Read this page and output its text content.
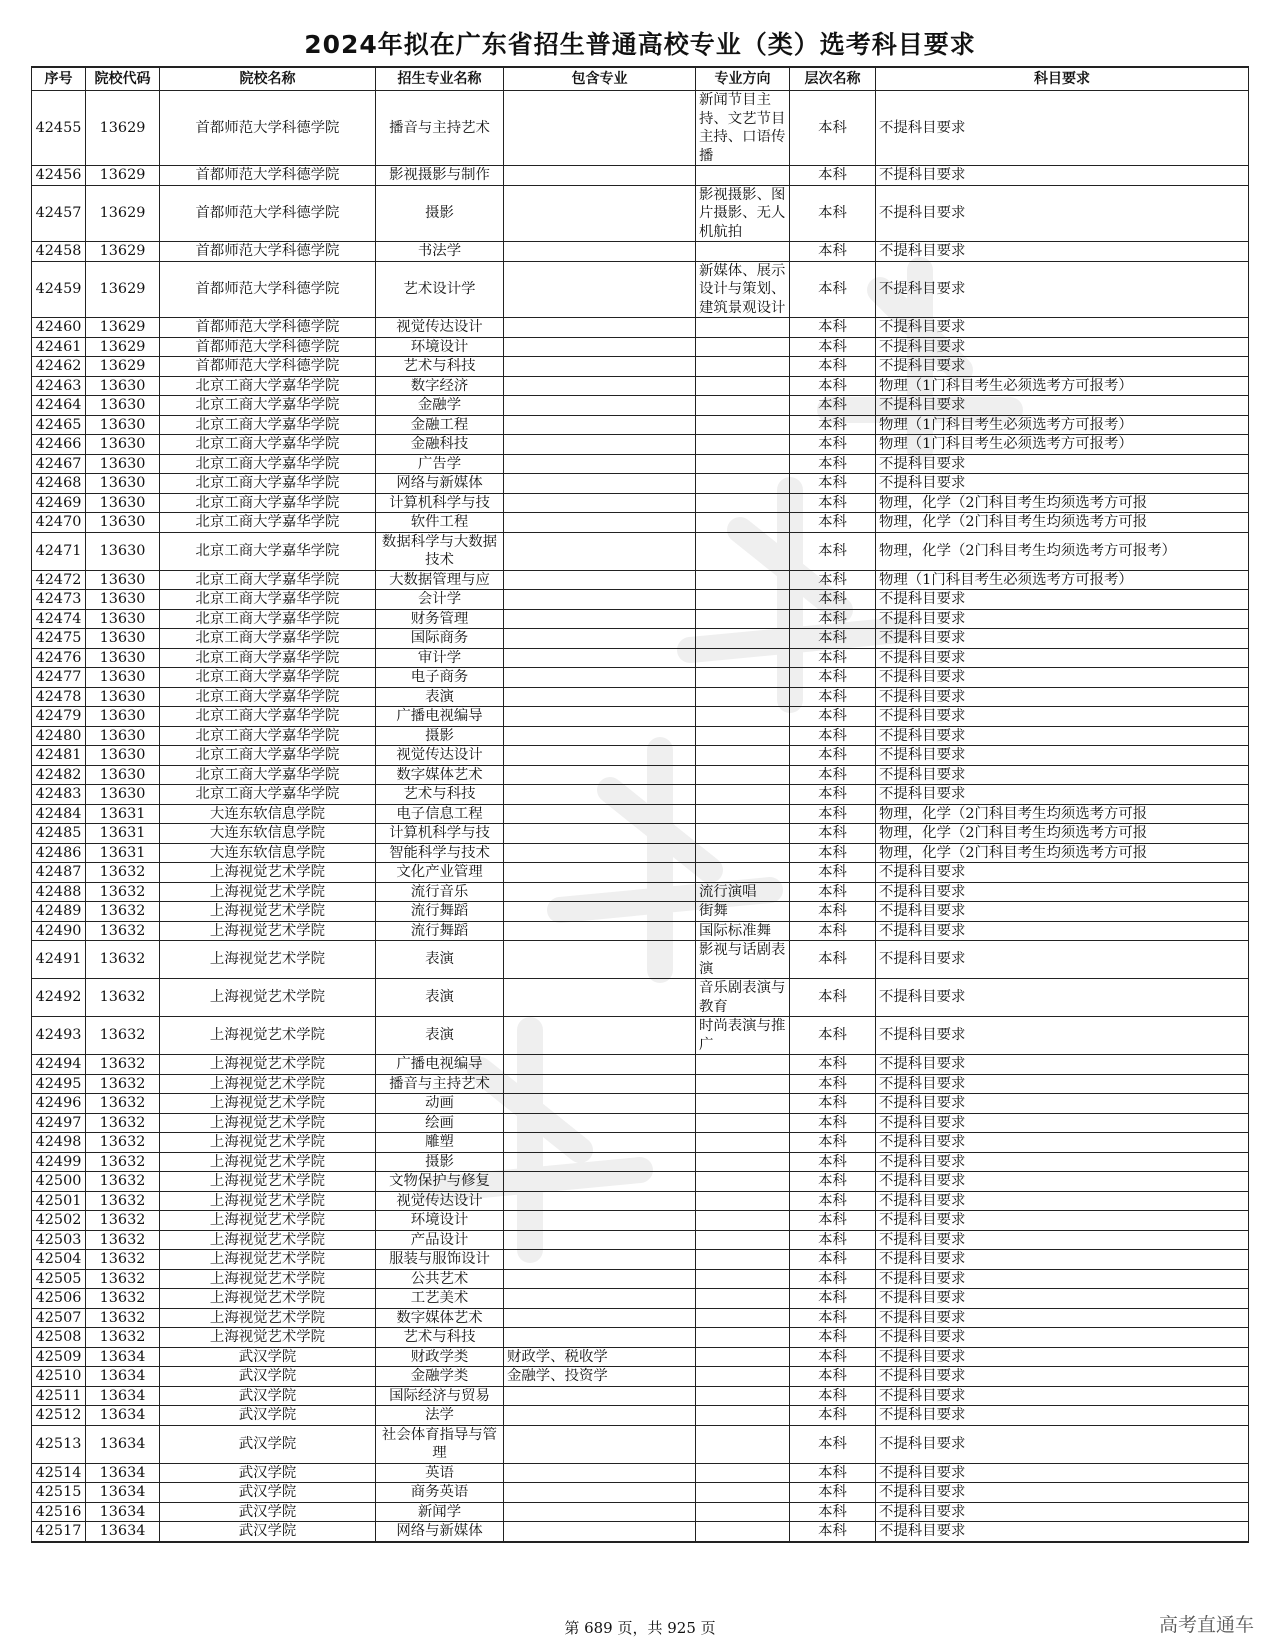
2024年拟在广东省招生普通高校专业（类）选考科目要求
序号	院校代码	院校名称	招生专业名称	包含专业	专业方向	层次名称	科目要求
42455	13629	首都师范大学科德学院	播音与主持艺术		新闻节目主持、文艺节目主持、口语传播	本科	不提科目要求
42456	13629	首都师范大学科德学院	影视摄影与制作			本科	不提科目要求
42457	13629	首都师范大学科德学院	摄影		影视摄影、图片摄影、无人机航拍	本科	不提科目要求
42458	13629	首都师范大学科德学院	书法学			本科	不提科目要求
42459	13629	首都师范大学科德学院	艺术设计学		新媒体、展示设计与策划、建筑景观设计	本科	不提科目要求
42460	13629	首都师范大学科德学院	视觉传达设计			本科	不提科目要求
42461	13629	首都师范大学科德学院	环境设计			本科	不提科目要求
42462	13629	首都师范大学科德学院	艺术与科技			本科	不提科目要求
42463	13630	北京工商大学嘉华学院	数字经济			本科	物理（1门科目考生必须选考方可报考）
42464	13630	北京工商大学嘉华学院	金融学			本科	不提科目要求
42465	13630	北京工商大学嘉华学院	金融工程			本科	物理（1门科目考生必须选考方可报考）
42466	13630	北京工商大学嘉华学院	金融科技			本科	物理（1门科目考生必须选考方可报考）
42467	13630	北京工商大学嘉华学院	广告学			本科	不提科目要求
42468	13630	北京工商大学嘉华学院	网络与新媒体			本科	不提科目要求
42469	13630	北京工商大学嘉华学院	计算机科学与技			本科	物理，化学（2门科目考生均须选考方可报
42470	13630	北京工商大学嘉华学院	软件工程			本科	物理，化学（2门科目考生均须选考方可报
42471	13630	北京工商大学嘉华学院	数据科学与大数据技术			本科	物理，化学（2门科目考生均须选考方可报考）
42472	13630	北京工商大学嘉华学院	大数据管理与应			本科	物理（1门科目考生必须选考方可报考）
42473	13630	北京工商大学嘉华学院	会计学			本科	不提科目要求
42474	13630	北京工商大学嘉华学院	财务管理			本科	不提科目要求
42475	13630	北京工商大学嘉华学院	国际商务			本科	不提科目要求
42476	13630	北京工商大学嘉华学院	审计学			本科	不提科目要求
42477	13630	北京工商大学嘉华学院	电子商务			本科	不提科目要求
42478	13630	北京工商大学嘉华学院	表演			本科	不提科目要求
42479	13630	北京工商大学嘉华学院	广播电视编导			本科	不提科目要求
42480	13630	北京工商大学嘉华学院	摄影			本科	不提科目要求
42481	13630	北京工商大学嘉华学院	视觉传达设计			本科	不提科目要求
42482	13630	北京工商大学嘉华学院	数字媒体艺术			本科	不提科目要求
42483	13630	北京工商大学嘉华学院	艺术与科技			本科	不提科目要求
42484	13631	大连东软信息学院	电子信息工程			本科	物理，化学（2门科目考生均须选考方可报
42485	13631	大连东软信息学院	计算机科学与技			本科	物理，化学（2门科目考生均须选考方可报
42486	13631	大连东软信息学院	智能科学与技术			本科	物理，化学（2门科目考生均须选考方可报
42487	13632	上海视觉艺术学院	文化产业管理			本科	不提科目要求
42488	13632	上海视觉艺术学院	流行音乐		流行演唱	本科	不提科目要求
42489	13632	上海视觉艺术学院	流行舞蹈		街舞	本科	不提科目要求
42490	13632	上海视觉艺术学院	流行舞蹈		国际标准舞	本科	不提科目要求
42491	13632	上海视觉艺术学院	表演		影视与话剧表演	本科	不提科目要求
42492	13632	上海视觉艺术学院	表演		音乐剧表演与教育	本科	不提科目要求
42493	13632	上海视觉艺术学院	表演		时尚表演与推广	本科	不提科目要求
42494	13632	上海视觉艺术学院	广播电视编导			本科	不提科目要求
42495	13632	上海视觉艺术学院	播音与主持艺术			本科	不提科目要求
42496	13632	上海视觉艺术学院	动画			本科	不提科目要求
42497	13632	上海视觉艺术学院	绘画			本科	不提科目要求
42498	13632	上海视觉艺术学院	雕塑			本科	不提科目要求
42499	13632	上海视觉艺术学院	摄影			本科	不提科目要求
42500	13632	上海视觉艺术学院	文物保护与修复			本科	不提科目要求
42501	13632	上海视觉艺术学院	视觉传达设计			本科	不提科目要求
42502	13632	上海视觉艺术学院	环境设计			本科	不提科目要求
42503	13632	上海视觉艺术学院	产品设计			本科	不提科目要求
42504	13632	上海视觉艺术学院	服装与服饰设计			本科	不提科目要求
42505	13632	上海视觉艺术学院	公共艺术			本科	不提科目要求
42506	13632	上海视觉艺术学院	工艺美术			本科	不提科目要求
42507	13632	上海视觉艺术学院	数字媒体艺术			本科	不提科目要求
42508	13632	上海视觉艺术学院	艺术与科技			本科	不提科目要求
42509	13634	武汉学院	财政学类	财政学、税收学		本科	不提科目要求
42510	13634	武汉学院	金融学类	金融学、投资学		本科	不提科目要求
42511	13634	武汉学院	国际经济与贸易			本科	不提科目要求
42512	13634	武汉学院	法学			本科	不提科目要求
42513	13634	武汉学院	社会体育指导与管理			本科	不提科目要求
42514	13634	武汉学院	英语			本科	不提科目要求
42515	13634	武汉学院	商务英语			本科	不提科目要求
42516	13634	武汉学院	新闻学			本科	不提科目要求
42517	13634	武汉学院	网络与新媒体			本科	不提科目要求
第 689 页，共 925 页	高考直通车
